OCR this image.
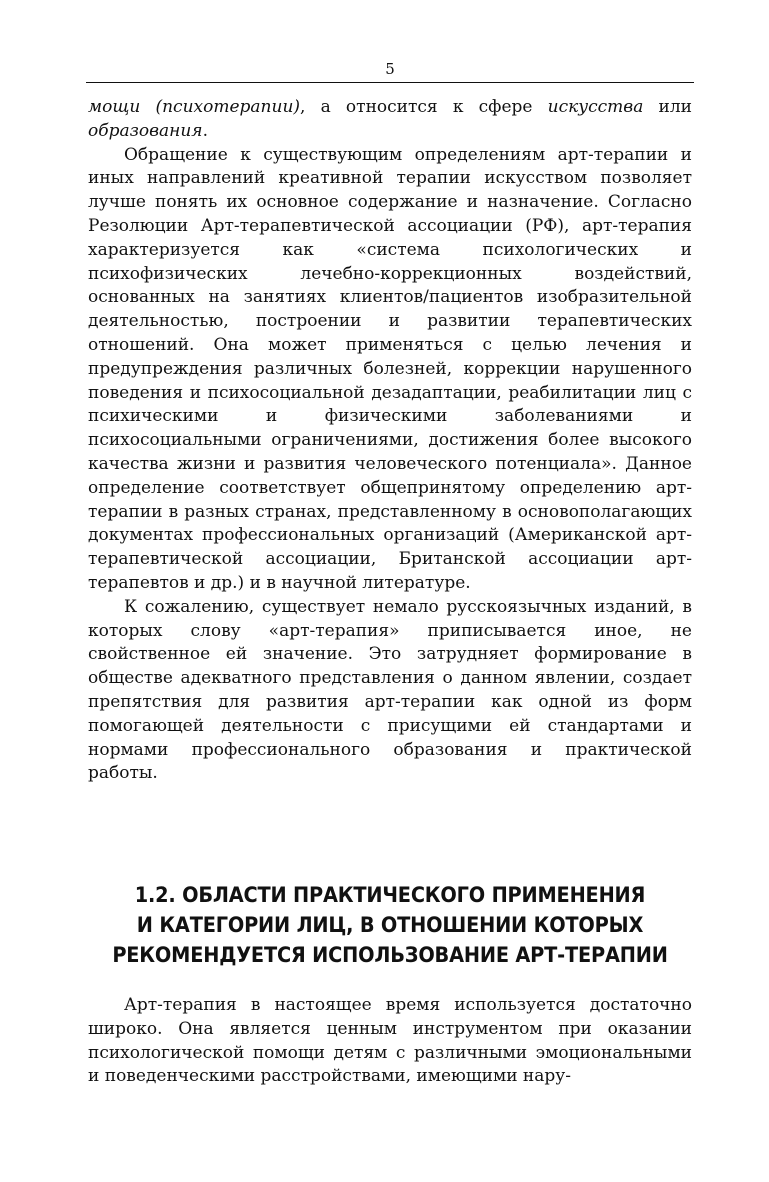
5

мощи (психотерапии), а относится к сфере искусства или образования.

Обращение к существующим определениям арт-терапии и иных направлений креативной терапии искусством позволяет лучше понять их основное содержание и назначение. Согласно Резолюции Арт-терапевтической ассоциации (РФ), арт-терапия характеризуется как «система психологических и психофизических лечебно-коррекционных воздействий, основанных на занятиях клиентов/пациентов изобразительной деятельностью, построении и развитии терапевтических отношений. Она может применяться с целью лечения и предупреждения различных болезней, коррекции нарушенного поведения и психосоциальной дезадаптации, реабилитации лиц с психическими и физическими заболеваниями и психосоциальными ограничениями, достижения более высокого качества жизни и развития человеческого потенциала». Данное определение соответствует общепринятому определению арт-терапии в разных странах, представленному в основополагающих документах профессиональных организаций (Американской арт-терапевтической ассоциации, Британской ассоциации арт-терапевтов и др.) и в научной литературе.

К сожалению, существует немало русскоязычных изданий, в которых слову «арт-терапия» приписывается иное, не свойственное ей значение. Это затрудняет формирование в обществе адекватного представления о данном явлении, создает препятствия для развития арт-терапии как одной из форм помогающей деятельности с присущими ей стандартами и нормами профессионального образования и практической работы.

1.2. ОБЛАСТИ ПРАКТИЧЕСКОГО ПРИМЕНЕНИЯ
И КАТЕГОРИИ ЛИЦ, В ОТНОШЕНИИ КОТОРЫХ
РЕКОМЕНДУЕТСЯ ИСПОЛЬЗОВАНИЕ АРТ-ТЕРАПИИ

Арт-терапия в настоящее время используется достаточно широко. Она является ценным инструментом при оказании психологической помощи детям с различными эмоциональными и поведенческими расстройствами, имеющими нару-
